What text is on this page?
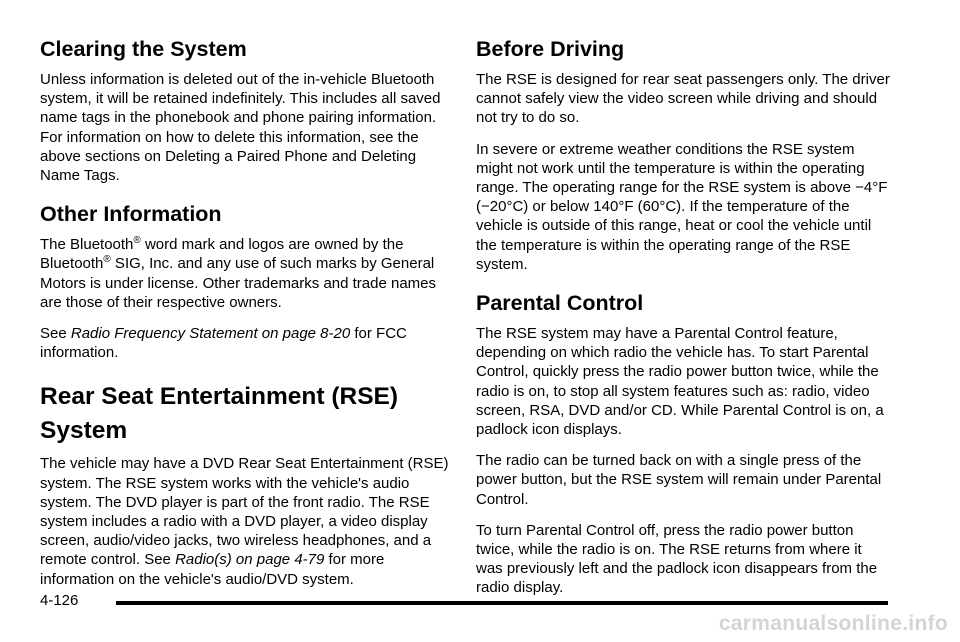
Clearing the System

Unless information is deleted out of the in-vehicle Bluetooth system, it will be retained indefinitely. This includes all saved name tags in the phonebook and phone pairing information. For information on how to delete this information, see the above sections on Deleting a Paired Phone and Deleting Name Tags.

Other Information

The Bluetooth® word mark and logos are owned by the Bluetooth® SIG, Inc. and any use of such marks by General Motors is under license. Other trademarks and trade names are those of their respective owners.

See Radio Frequency Statement on page 8-20 for FCC information.

Rear Seat Entertainment (RSE) System

The vehicle may have a DVD Rear Seat Entertainment (RSE) system. The RSE system works with the vehicle's audio system. The DVD player is part of the front radio. The RSE system includes a radio with a DVD player, a video display screen, audio/video jacks, two wireless headphones, and a remote control. See Radio(s) on page 4-79 for more information on the vehicle's audio/DVD system.

Before Driving

The RSE is designed for rear seat passengers only. The driver cannot safely view the video screen while driving and should not try to do so.

In severe or extreme weather conditions the RSE system might not work until the temperature is within the operating range. The operating range for the RSE system is above −4°F (−20°C) or below 140°F (60°C). If the temperature of the vehicle is outside of this range, heat or cool the vehicle until the temperature is within the operating range of the RSE system.

Parental Control

The RSE system may have a Parental Control feature, depending on which radio the vehicle has. To start Parental Control, quickly press the radio power button twice, while the radio is on, to stop all system features such as: radio, video screen, RSA, DVD and/or CD. While Parental Control is on, a padlock icon displays.

The radio can be turned back on with a single press of the power button, but the RSE system will remain under Parental Control.

To turn Parental Control off, press the radio power button twice, while the radio is on. The RSE returns from where it was previously left and the padlock icon disappears from the radio display.

4-126
carmanualsonline.info
